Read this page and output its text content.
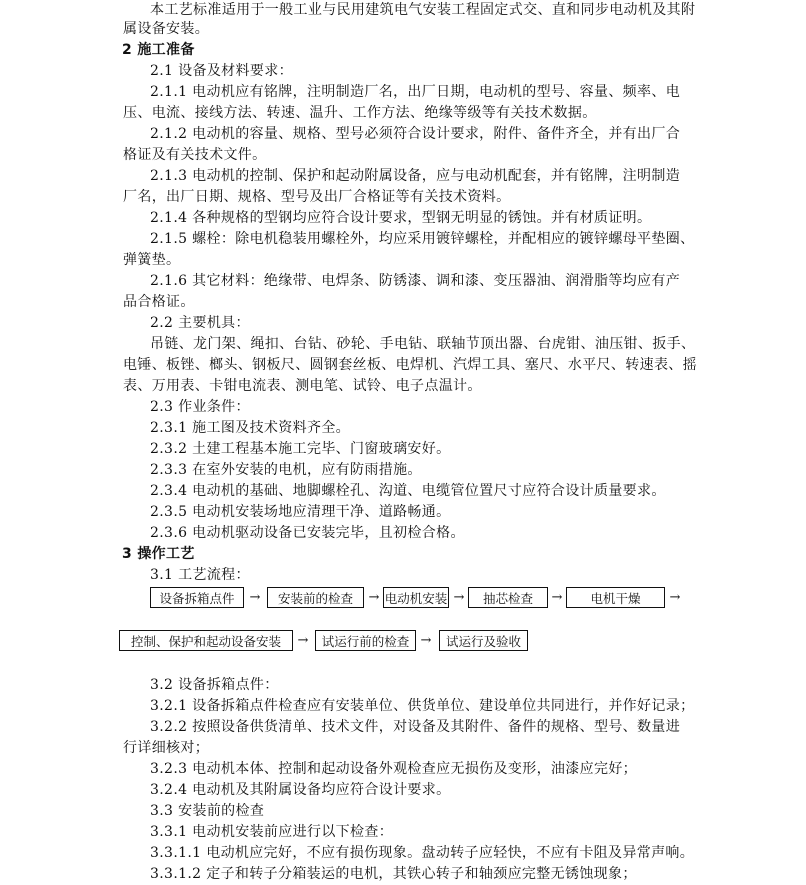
本工艺标准适用于一般工业与民用建筑电气安装工程固定式交、直和同步电动机及其附
属设备安装。
2 施工准备
2.1 设备及材料要求：
2.1.1 电动机应有铭牌，注明制造厂名，出厂日期，电动机的型号、容量、频率、电
压、电流、接线方法、转速、温升、工作方法、绝缘等级等有关技术数据。
2.1.2 电动机的容量、规格、型号必须符合设计要求，附件、备件齐全，并有出厂合
格证及有关技术文件。
2.1.3 电动机的控制、保护和起动附属设备，应与电动机配套，并有铭牌，注明制造
厂名，出厂日期、规格、型号及出厂合格证等有关技术资料。
2.1.4 各种规格的型钢均应符合设计要求，型钢无明显的锈蚀。并有材质证明。
2.1.5 螺栓：除电机稳装用螺栓外，均应采用镀锌螺栓，并配相应的镀锌螺母平垫圈、
弹簧垫。
2.1.6 其它材料：绝缘带、电焊条、防锈漆、调和漆、变压器油、润滑脂等均应有产
品合格证。
2.2 主要机具：
吊链、龙门架、绳扣、台钻、砂轮、手电钻、联轴节顶出器、台虎钳、油压钳、扳手、
电锤、板锉、榔头、钢板尺、圆钢套丝板、电焊机、汽焊工具、塞尺、水平尺、转速表、摇
表、万用表、卡钳电流表、测电笔、试铃、电子点温计。
2.3 作业条件：
2.3.1 施工图及技术资料齐全。
2.3.2 土建工程基本施工完毕、门窗玻璃安好。
2.3.3 在室外安装的电机，应有防雨措施。
2.3.4 电动机的基础、地脚螺栓孔、沟道、电缆管位置尺寸应符合设计质量要求。
2.3.5 电动机安装场地应清理干净、道路畅通。
2.3.6 电动机驱动设备已安装完毕，且初检合格。
3 操作工艺
3.1 工艺流程：
设备拆箱点件	→	安装前的检查	→ 电动机安装 →	抽芯检查	→	电机干燥	→
控制、保护和起动设备安装	→	试运行前的检查 →	试运行及验收
3.2 设备拆箱点件：
3.2.1 设备拆箱点件检查应有安装单位、供货单位、建设单位共同进行，并作好记录；
3.2.2 按照设备供货清单、技术文件，对设备及其附件、备件的规格、型号、数量进
行详细核对；
3.2.3 电动机本体、控制和起动设备外观检查应无损伤及变形，油漆应完好；
3.2.4 电动机及其附属设备均应符合设计要求。
3.3 安装前的检查
3.3.1 电动机安装前应进行以下检查：
3.3.1.1 电动机应完好，不应有损伤现象。盘动转子应轻快，不应有卡阻及异常声响。
3.3.1.2 定子和转子分箱装运的电机，其铁心转子和轴颈应完整无锈蚀现象；
